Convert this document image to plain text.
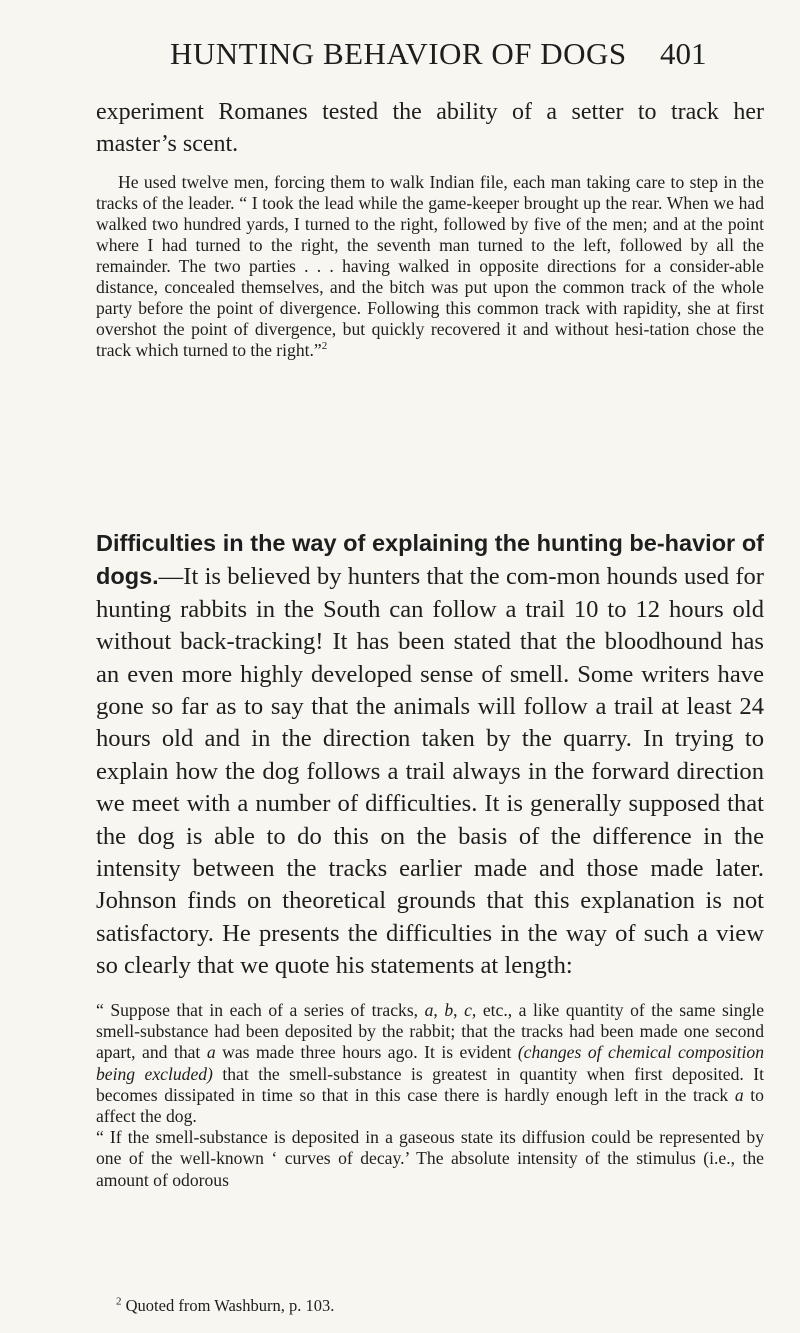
HUNTING BEHAVIOR OF DOGS 401

experiment Romanes tested the ability of a setter to track her master’s scent.

He used twelve men, forcing them to walk Indian file, each man taking care to step in the tracks of the leader. “ I took the lead while the game-keeper brought up the rear. When we had walked two hundred yards, I turned to the right, followed by five of the men; and at the point where I had turned to the right, the seventh man turned to the left, followed by all the remainder. The two parties . . . having walked in opposite directions for a consider-able distance, concealed themselves, and the bitch was put upon the common track of the whole party before the point of divergence. Following this common track with rapidity, she at first overshot the point of divergence, but quickly recovered it and without hesi-tation chose the track which turned to the right.”$^2$

Difficulties in the way of explaining the hunting be-havior of dogs.—It is believed by hunters that the com-mon hounds used for hunting rabbits in the South can follow a trail 10 to 12 hours old without back-tracking! It has been stated that the bloodhound has an even more highly developed sense of smell. Some writers have gone so far as to say that the animals will follow a trail at least 24 hours old and in the direction taken by the quarry. In trying to explain how the dog follows a trail always in the forward direction we meet with a number of difficulties. It is generally supposed that the dog is able to do this on the basis of the difference in the intensity between the tracks earlier made and those made later. Johnson finds on theoretical grounds that this explanation is not satisfactory. He presents the difficulties in the way of such a view so clearly that we quote his statements at length:

“ Suppose that in each of a series of tracks, a, b, c, etc., a like quantity of the same single smell-substance had been deposited by the rabbit; that the tracks had been made one second apart, and that a was made three hours ago. It is evident (changes of chemical composition being excluded) that the smell-substance is greatest in quantity when first deposited. It becomes dissipated in time so that in this case there is hardly enough left in the track a to affect the dog.

“ If the smell-substance is deposited in a gaseous state its diffusion could be represented by one of the well-known ‘ curves of decay.’ The absolute intensity of the stimulus (i.e., the amount of odorous

$^2$ Quoted from Washburn, p. 103.
